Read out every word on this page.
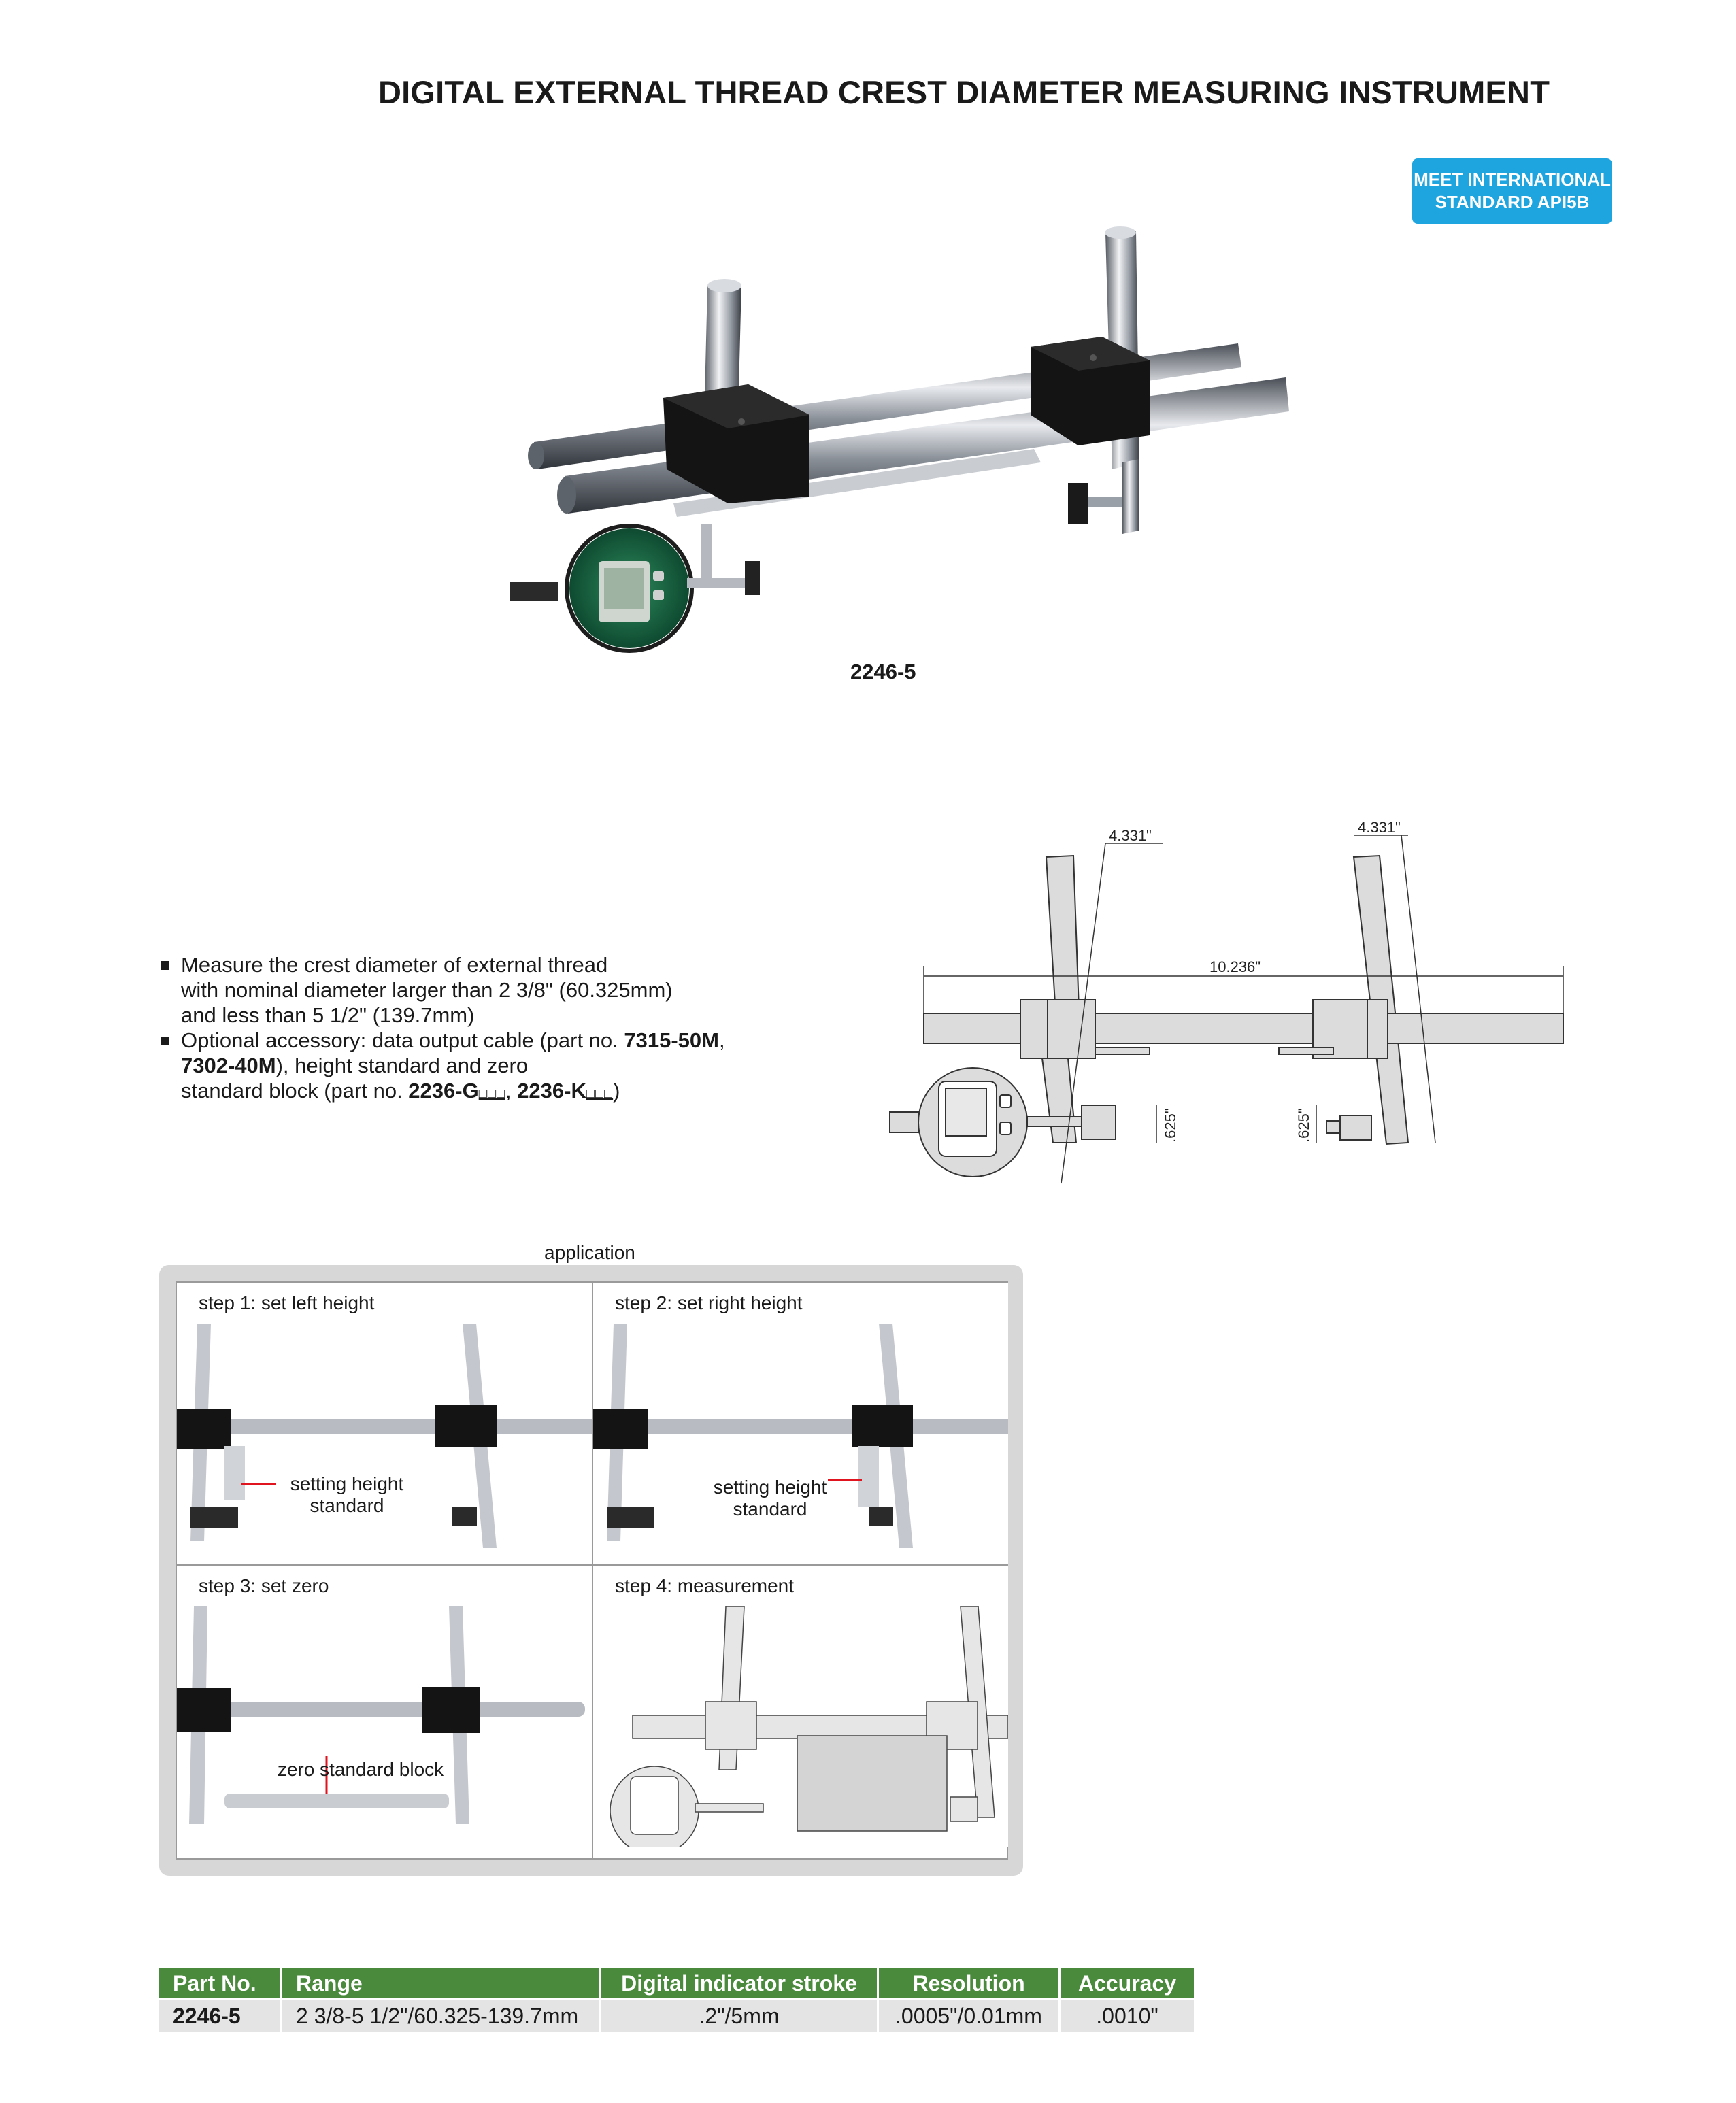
DIGITAL EXTERNAL THREAD CREST DIAMETER MEASURING INSTRUMENT
MEET INTERNATIONAL
STANDARD API5B
2246-5
Measure the crest diameter of external thread
with nominal diameter larger than 2 3/8" (60.325mm)
and less than 5 1/2" (139.7mm)
Optional accessory: data output cable (part no. 7315-50M,
7302-40M), height standard and zero
standard block (part no. 2236-G□□□, 2236-K□□□)
4.331"	4.331"
10.236"
.625"	.625"
application
step 1: set left height
setting height
standard
step 2: set right height
setting height
standard
step 3: set zero
zero standard block
step 4: measurement
Part No.	Range	Digital indicator stroke	Resolution	Accuracy
2246-5	2 3/8-5 1/2"/60.325-139.7mm	.2"/5mm	.0005"/0.01mm	.0010"
